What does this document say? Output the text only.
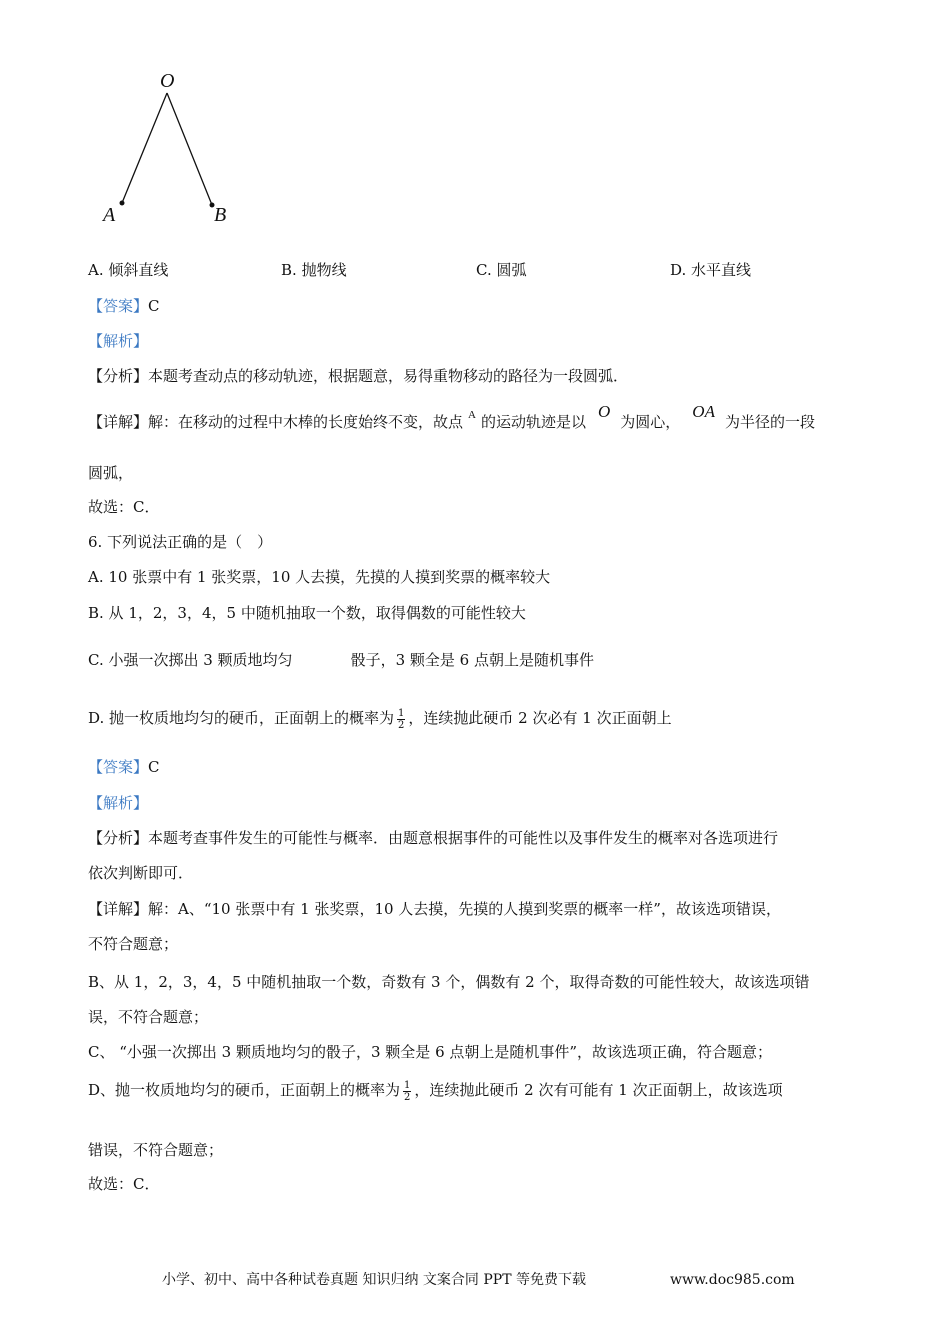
O
A	B
A. 倾斜直线	B. 抛物线	C. 圆弧	D. 水平直线
【答案】C
【解析】
【分析】本题考查动点的移动轨迹，根据题意，易得重物移动的路径为一段圆弧．
【详解】解：在移动的过程中木棒的长度始终不变，故点 $^A$ 的运动轨迹是以O为圆心，OA为半径的一段
圆弧，
故选：C．
6. 下列说法正确的是（　）
A. 10 张票中有 1 张奖票，10 人去摸，先摸的人摸到奖票的概率较大
B. 从 1，2，3，4，5 中随机抽取一个数，取得偶数的可能性较大
C. 小强一次掷出 3 颗质地均匀	骰子，3 颗全是 6 点朝上是随机事件
D. 抛一枚质地均匀的硬币，正面朝上的概率为 $\frac{1}{2}$ ，连续抛此硬币 2 次必有 1 次正面朝上
【答案】C
【解析】
【分析】本题考查事件发生的可能性与概率．由题意根据事件的可能性以及事件发生的概率对各选项进行
依次判断即可．
【详解】解：A、“10 张票中有 1 张奖票，10 人去摸，先摸的人摸到奖票的概率一样”，故该选项错误，
不符合题意；
B、从 1，2，3，4，5 中随机抽取一个数，奇数有 3 个，偶数有 2 个，取得奇数的可能性较大，故该选项错
误，不符合题意；
C、 “小强一次掷出 3 颗质地均匀的骰子，3 颗全是 6 点朝上是随机事件”，故该选项正确，符合题意；
D、抛一枚质地均匀的硬币，正面朝上的概率为 $\frac{1}{2}$ ，连续抛此硬币 2 次有可能有 1 次正面朝上，故该选项
错误，不符合题意；
故选：C．
小学、初中、高中各种试卷真题 知识归纳 文案合同 PPT 等免费下载	www.doc985.com
